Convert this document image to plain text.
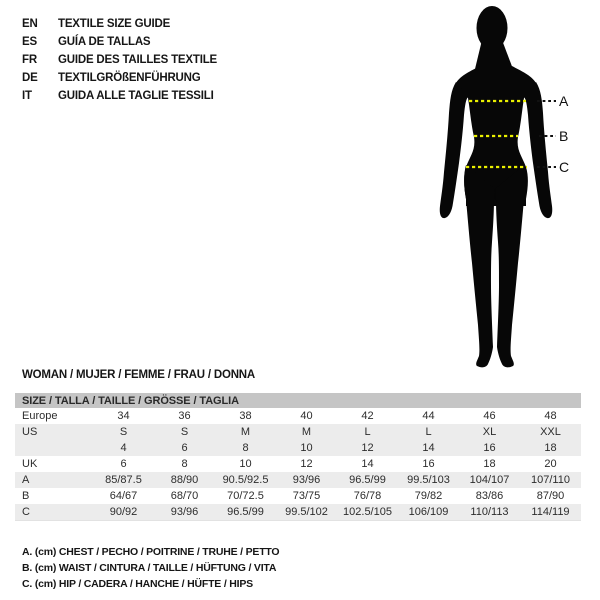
EN TEXTILE SIZE GUIDE
ES GUÍA DE TALLAS
FR GUIDE DES TAILLES TEXTILE
DE TEXTILGRÖßENFÜHRUNG
IT GUIDA ALLE TAGLIE TESSILI	A
B
C
WOMAN / MUJER / FEMME / FRAU / DONNA
SIZE / TALLA / TAILLE / GRÖSSE / TAGLIA								
Europe	34	36	38	40	42	44	46	48
US	S	S	M	M	L	L	XL	XXL
	4	6	8	10	12	14	16	18
UK	6	8	10	12	14	16	18	20
A	85/87.5	88/90	90.5/92.5	93/96	96.5/99	99.5/103	104/107	107/110
B	64/67	68/70	70/72.5	73/75	76/78	79/82	83/86	87/90
C	90/92	93/96	96.5/99	99.5/102	102.5/105	106/109	110/113	114/119
A. (cm) CHEST / PECHO / POITRINE / TRUHE / PETTO
B. (cm) WAIST / CINTURA / TAILLE / HÜFTUNG / VITA
C. (cm) HIP / CADERA / HANCHE / HÜFTE / HIPS
